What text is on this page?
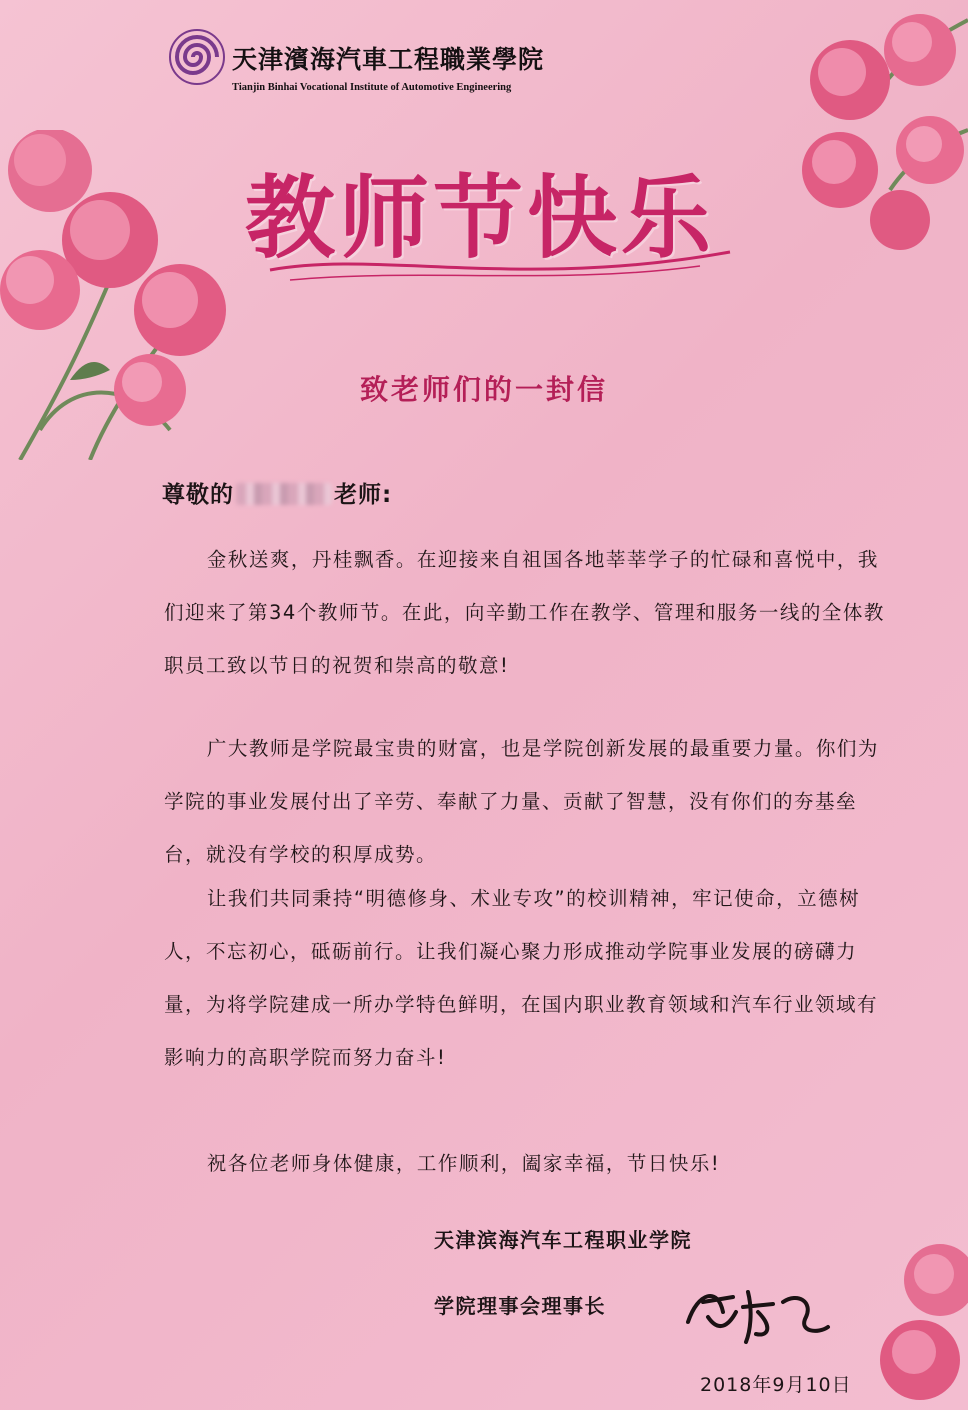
天津濱海汽車工程職業學院
Tianjin Binhai Vocational Institute of Automotive Engineering
教师节快乐
致老师们的一封信
尊敬的	老师:
金秋送爽，丹桂飘香。在迎接来自祖国各地莘莘学子的忙碌和喜悦中，我们迎来了第34个教师节。在此，向辛勤工作在教学、管理和服务一线的全体教职员工致以节日的祝贺和崇高的敬意!
广大教师是学院最宝贵的财富，也是学院创新发展的最重要力量。你们为学院的事业发展付出了辛劳、奉献了力量、贡献了智慧，没有你们的夯基垒台，就没有学校的积厚成势。
让我们共同秉持“明德修身、术业专攻”的校训精神，牢记使命，立德树人，不忘初心，砥砺前行。让我们凝心聚力形成推动学院事业发展的磅礴力量，为将学院建成一所办学特色鲜明，在国内职业教育领域和汽车行业领域有影响力的高职学院而努力奋斗!
祝各位老师身体健康，工作顺利，阖家幸福，节日快乐!
天津滨海汽车工程职业学院
学院理事会理事长
2018年9月10日
